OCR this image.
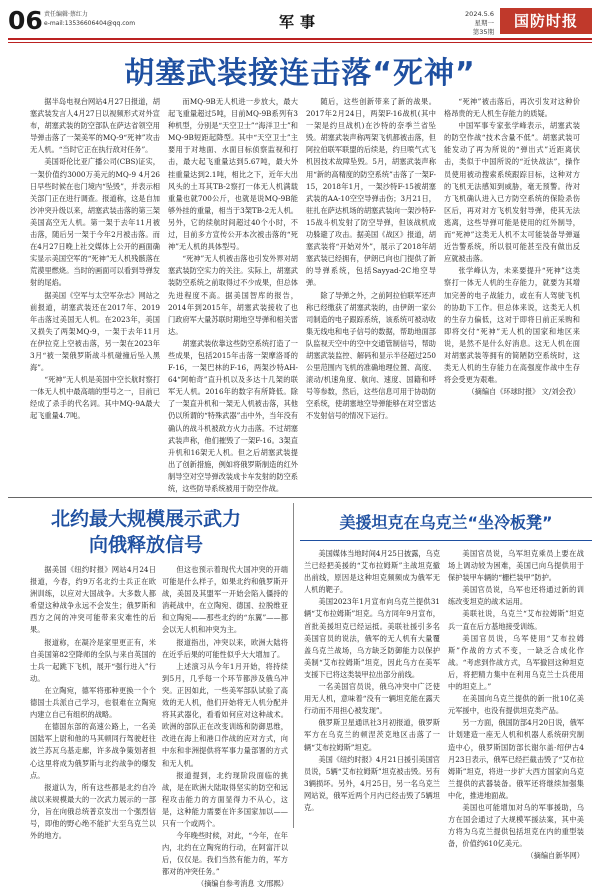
06 责任编辑·蔡红力
e-mail:13536606404@qq.com	军事	2024.5.6
星期一
第35期
国防时报
胡塞武装接连击落“死神”

据半岛电视台网站4月27日报道，胡塞武装发言人4月27日以视频形式对外宣布，胡塞武装的防空部队在萨达省领空用导弹击落了一架美军的MQ-9“死神”攻击无人机。“当时它正在执行敌对任务”。

美国哥伦比亚广播公司(CBS)证实，一架价值约3000万美元的MQ-9 4月26日早些时候在也门境内“坠毁”，并表示相关部门正在进行调查。报道称，这是自加沙冲突升级以来，胡塞武装击落的第三架美国高空无人机。第一架于去年11月被击落，随后另一架于今年2月被击落。而在4月27日晚上社交媒体上公开的画面确实显示美国空军的“死神”无人机残骸落在荒漠里燃烧。当时的画面可以看到导弹发射的尾焰。

据美国《空军与太空军杂志》网站之前报道，胡塞武装还在2017年、2019年击落过美国无人机。在2023年，美国又损失了两架MQ-9，一架于去年11月在伊拉克上空被击落，另一架在2023年3月“被一架俄罗斯战斗机碰撞后坠入黑海”。

“死神”无人机是美国中空长航时察打一体无人机中最高端的型号之一，目前已经成了杀手的代名词。其中MQ-9A最大起飞重量4.7吨。

而MQ-9B无人机进一步放大，最大起飞重量超过5吨，目前MQ-9B系列有3种机型，分别是“天空卫士”“海洋卫士”和MQ-9B短距起降型。其中“天空卫士”主要用于对地面、水面目标侦察监视和打击，最大起飞重量达到5.67吨，最大外挂重量达到2.1吨，相比之下，近年大出风头的土耳其TB-2察打一体无人机满载重量也就700公斤，也就是说MQ-9B能够外挂的重量，相当于3架TB-2无人机。另外，它的续航时间超过40个小时，不过，目前多方宣传公开本次被击落的“死神”无人机的具体型号。

“死神”无人机被击落也引发外界对胡塞武装防空实力的关注。实际上，胡塞武装防空系统之前取得过不少成果，但总体先进程度不高。据美国智库的报告，2014年到2015年，胡塞武装接收了也门政府军大量苏联时期地空导弹和相关雷达。

胡塞武装依靠这些防空系统打造了一些成果，包括2015年击落一架摩洛哥的F-16，一架巴林的F-16，两架沙特AH-64“阿帕奇”直升机以及多达十几架的联军无人机。2016年的数字有所降低。除了一架直升机和一架无人机被击落，其他仍以所谓的“特殊武器”击中外，当年没有确认的战斗机被敌方火力击落。不过胡塞武装声称，他们摧毁了一架F-16。3架直升机和16架无人机。但之后胡塞武装提出了创新措施，例如将俄罗斯制造的红外制导空对空导弹改装成卡车发射的防空系统，这些防导系统被用于防空作战。

随后，这些创新带来了新的战果。2017年2月24日，两架F-16战机(其中一架是约旦战机)在沙特的奈季兰省坠毁。胡塞武装声称两架飞机都被击落，但阿拉伯联军联盟的后续是，约旦喷气式飞机因技术故障坠毁。5月，胡塞武装声称用“新的高精度的防空系统”击落了一架F-15，2018年1月，一架沙特F-15被胡塞武装的AA-10空空导弹击伤；3月21日，驻扎在萨达机场的胡塞武装向一架沙特F-15战斗机发射了防空导弹，但该战机成功躲避了攻击。据美国《战区》报道，胡塞武装将“开始对外”，展示了2018年胡塞武装已经拥有，伊朗已向也门提供了新的导弹系统，包括Sayyad-2C地空导弹。

除了导弹之外，之前阿拉伯联军还声称已经缴获了胡塞武装的，由伊朗一家公司制造的电子跟踪系统，该系统可被动收集无线电和电子信号的数据，帮助地面部队监视天空中的空中交通管制信号，帮助胡塞武装监控、解码和显示半径超过250公里范围内飞机的准确地理位置、高度、滚动/机速角度、航向、速度、国籍和呼号等参数，然后，这些信息可用于协助防空系统，使胡塞地空导弹能够在对空雷达不发射信号的情况下运行。

“死神”被击落后，再次引发对这种价格昂贵的无人机生存能力的质疑。

中国军事专家张学峰表示，胡塞武装的防空作战“技术含量不低”。胡塞武装可能发动了再为所说的“弹出式”近距离伏击，类似于中国所说的“近快战法”，操作员使用被动搜索系统跟踪目标，这种对方的飞机无法感知到威胁，毫无预警。待对方飞机确认进入已方防空系统的保险杀伤区后，再对对方飞机发射导弹，使其无法逃离，这些导弹可能是使用的红外制导，而“死神”这类无人机不太可能装备导弹逼近告警系统，所以很可能甚至没有做出反应就被击落。

张学峰认为，未来要提升“死神”这类察打一体无人机的生存能力，就要为其增加完善的电子战能力，或在有人驾驶飞机的协助下工作。但总体来说，这类无人机的生存力偏低，这对于即将日前正采购和即将交付“死神”无人机的国家和地区来说，是然不是什么好消息。这无人机在面对胡塞武装等拥有的简陋防空系统时，这类无人机的生存能力在高强度作战中生存将会受更为艰难。

（摘编自《环球时报》 文/刘会孜）

北约最大规模展示武力
向俄释放信号

据美国《纽约时报》网站4月24日报道，今春，约9万名北约士兵正在欧洲训练，以应对大国战争。大多数人都希望这种战争永远不会发生；俄罗斯和西方之间的冲突可能带来灾难性的后果。

报道称，在凝冷是家里更正有，米自美国第82空降师的全队与来自英国的士兵一起跳下飞机，展开“强行进入”行动。

在立陶宛，德军将那种更换一个个德国士兵派自己学习，也很难在立陶宛内建立自己有组织的战略。

在德国东部的高速公路上，一名美国陆军上尉和他的马其顿同行驾驶赶往波兰苏瓦乌基走廊，许多战争策划者担心这里将成为俄罗斯与北约战争的爆发点。

报道认为，所有这些都是北约自冷战以来规模最大的一次武力展示的一部分，旨在向俄总统普京发出一个强烈信号，即他的野心绝不能扩大至乌克兰以外的地方。

但这也预示着现代大国冲突的开端可能是什么样子，如果北约和俄罗斯开战，美国及其盟军一开始会陷入僵持的消耗战中，在立陶宛、德国、拉脱维亚和立陶宛——那些北约的“东翼”——都会以无人机和冲突为主。

报道指出，冲突以来，欧洲大陆将在近乎后果的可能性似乎大大增加了。

上述演习从今年1月开始，将持续到5月，几乎每一个环节都涉及俄乌冲突。正因如此，一些美军部队试验了高效的无人机，他们开始将无人机分配并将其武器化，看看如何应对这种战术。欧洲的部队正在改变训练和防御思维，改进在海上和港口作战的应对方式，向中东和非洲提供将军事力量部署的方式和无人机。

报道提到，北约现阶段面临的挑战，是在欧洲大陆取得坚实的防空和远程攻击能力的方面显得力不从心，这是，这种能力需要在许多国家加以——只有一个或两个。

今年晚些时候，对此，“今年，在年内，北约在立陶宛的行动，在阿富汗以后，仅仅是。我们当然有能力的，军方都对的冲突任务。”

（摘编自参考消息 文/邢熙）

美援坦克在乌克兰“坐冷板凳”

美国媒体当地时间4月25日披露，乌克兰已经把美援的“艾布拉姆斯”主战坦克撤出前线，原因是这种坦克频频成为俄军无人机的靶子。

美国2023年1月宣布向乌克兰提供31辆“艾布拉姆斯”坦克。乌方同年9月宣布，首批美援坦克已经运抵。美联社援引多名美国官员的说法，俄军的无人机有大量覆盖乌克兰战场，乌方缺乏防御能力以保护美制“艾布拉姆斯”坦克，因此乌方在美军支援下已将这类装甲拉出部分前线。

一名美国官员说，俄乌冲突中广泛使用无人机，意味着“没有一辆坦克能在露天行动而不用担心被发现”。

俄罗斯卫星通讯社3月初报道，俄罗斯军方在乌克兰的顿涅茨克地区击落了一辆“艾布拉姆斯”坦克。

美国《纽约时报》4月21日援引美国官员说，5辆“艾布拉姆斯”坦克被击毁。另有3辆损坏。另外，4月25日，另一名乌克兰网站说，俄军近两个月内已经击毁了5辆坦克。

美国官员说，乌军坦克乘员上要在战场上调动较为困难，美国已向乌提供用于保护装甲车辆的“栅栏装甲”防护。

美国官员说，乌军也还将通过新的训练改变坦克的战术运用。

美联社说，乌克兰“艾布拉姆斯”坦克兵一直在后方基地接受训练。

美国官员说，乌军使用“艾布拉姆斯”作战的方式不变，一缺乏合成化作战。“考虑到作战方式，乌军撤回这种坦克后，将把精力集中在利用乌克兰士兵使用中的坦克上。”

在美国向乌克兰提供的新一批10亿美元军援中，也没有提供坦克类产品。

另一方面，俄国防部4月20日说，俄军计划建造一座无人机和机器人系统研究制造中心，俄罗斯国防部长谢尔盖·绍伊古4月23日表示，俄军已经拦截击毁了“艾布拉姆斯”坦克，将进一步扩大西方国家向乌克兰提供的武器装备。俄军还将继续加强集中化，推进地面战。

美国也可能增加对乌的军事援助，乌方在国会通过了大规模军援法案，其中美方将为乌克兰提供包括坦克在内的重型装备，价值约610亿美元。

（摘编自新华网）
